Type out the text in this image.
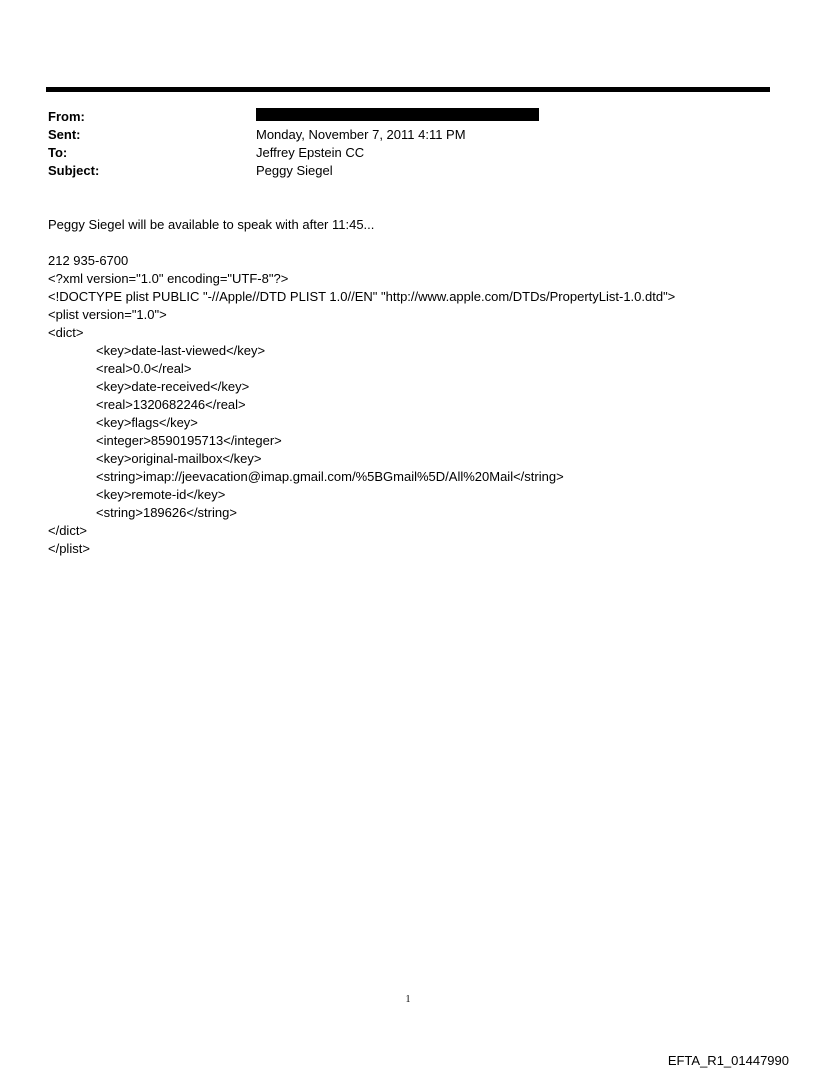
From:
Sent:	Monday, November 7, 2011 4:11 PM
To:	Jeffrey Epstein CC
Subject:	Peggy Siegel
Peggy Siegel will be available to speak with after 11:45...
212 935-6700
<?xml version="1.0" encoding="UTF-8"?>
<!DOCTYPE plist PUBLIC "-//Apple//DTD PLIST 1.0//EN" "http://www.apple.com/DTDs/PropertyList-1.0.dtd">
<plist version="1.0">
<dict>
<key>date-last-viewed</key>
<real>0.0</real>
<key>date-received</key>
<real>1320682246</real>
<key>flags</key>
<integer>8590195713</integer>
<key>original-mailbox</key>
<string>imap://jeevacation@imap.gmail.com/%5BGmail%5D/All%20Mail</string>
<key>remote-id</key>
<string>189626</string>
</dict>
</plist>
1
EFTA_R1_01447990
